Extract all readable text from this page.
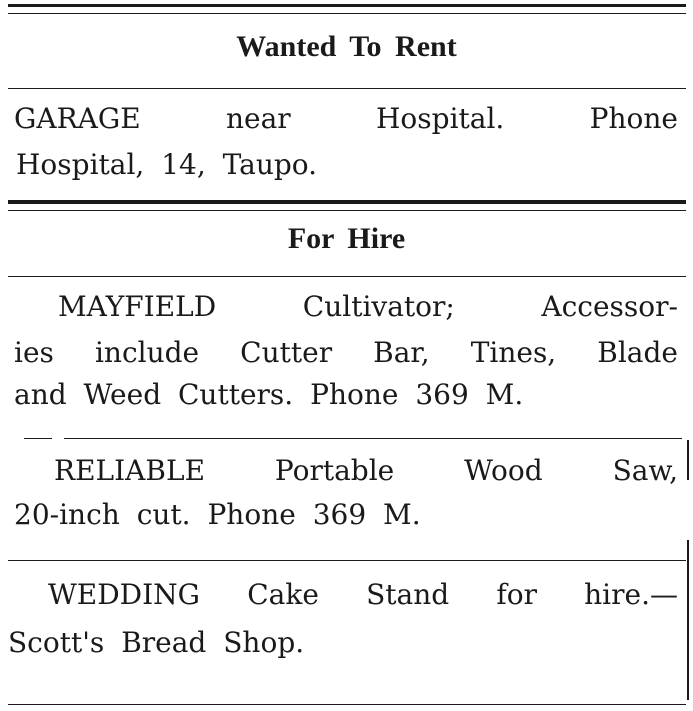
Wanted To Rent
GARAGE near Hospital. Phone
Hospital, 14, Taupo.
For Hire
MAYFIELD Cultivator; Accessor-
ies include Cutter Bar, Tines, Blade
and Weed Cutters. Phone 369 M.
RELIABLE Portable Wood Saw,
20-inch cut. Phone 369 M.
WEDDING Cake Stand for hire.—
Scott's Bread Shop.
